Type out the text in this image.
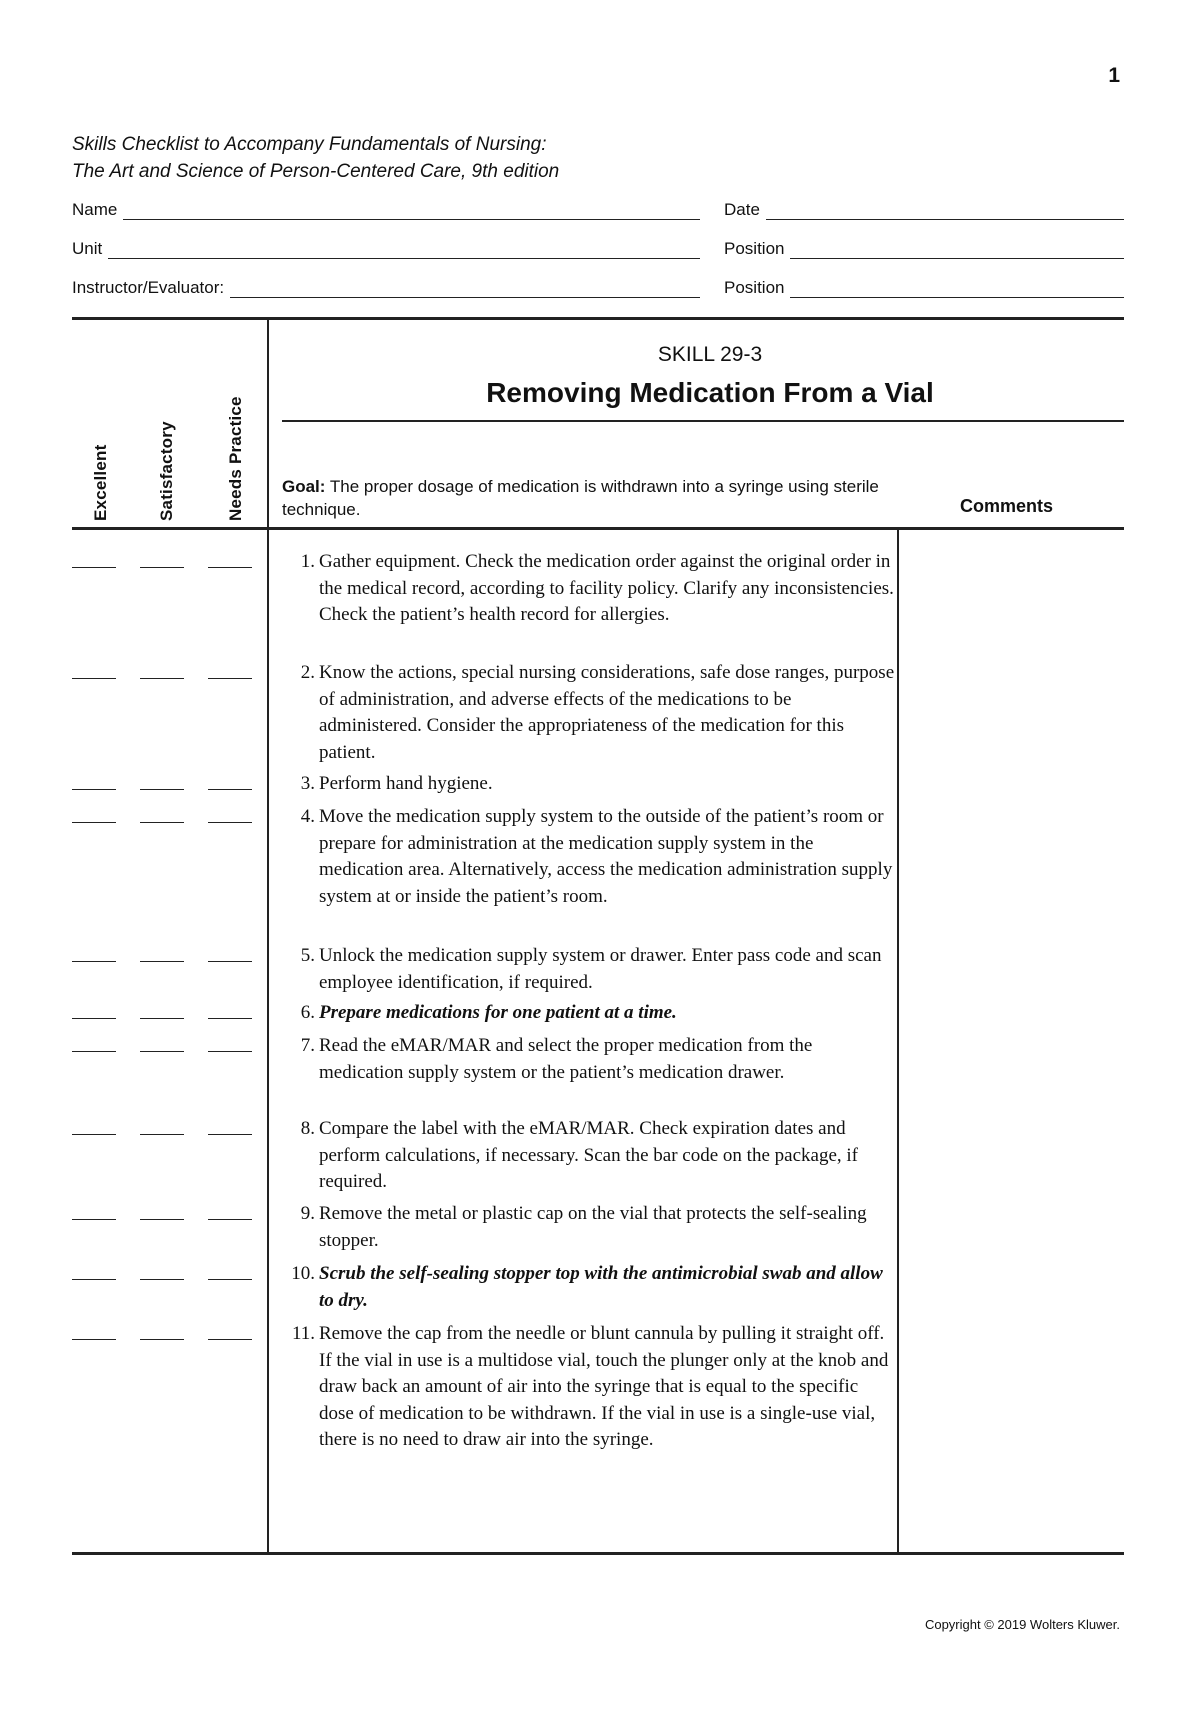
1
Skills Checklist to Accompany Fundamentals of Nursing:
The Art and Science of Person-Centered Care, 9th edition
Name	Date
Unit	Position
Instructor/Evaluator:	Position
Excellent	Satisfactory	Needs Practice
SKILL 29-3
Removing Medication From a Vial
Goal: The proper dosage of medication is withdrawn into a syringe using sterile technique.	Comments
1. Gather equipment. Check the medication order against the original order in the medical record, according to facility policy. Clarify any inconsistencies. Check the patient’s health record for allergies.
2. Know the actions, special nursing considerations, safe dose ranges, purpose of administration, and adverse effects of the medications to be administered. Consider the appropriateness of the medication for this patient.
3. Perform hand hygiene.
4. Move the medication supply system to the outside of the patient’s room or prepare for administration at the medication supply system in the medication area. Alternatively, access the medication administration supply system at or inside the patient’s room.
5. Unlock the medication supply system or drawer. Enter pass code and scan employee identification, if required.
6. Prepare medications for one patient at a time.
7. Read the eMAR/MAR and select the proper medication from the medication supply system or the patient’s medication drawer.
8. Compare the label with the eMAR/MAR. Check expiration dates and perform calculations, if necessary. Scan the bar code on the package, if required.
9. Remove the metal or plastic cap on the vial that protects the self-sealing stopper.
10. Scrub the self-sealing stopper top with the antimicrobial swab and allow to dry.
11. Remove the cap from the needle or blunt cannula by pulling it straight off. If the vial in use is a multidose vial, touch the plunger only at the knob and draw back an amount of air into the syringe that is equal to the specific dose of medication to be withdrawn. If the vial in use is a single-use vial, there is no need to draw air into the syringe.
Copyright © 2019 Wolters Kluwer.
